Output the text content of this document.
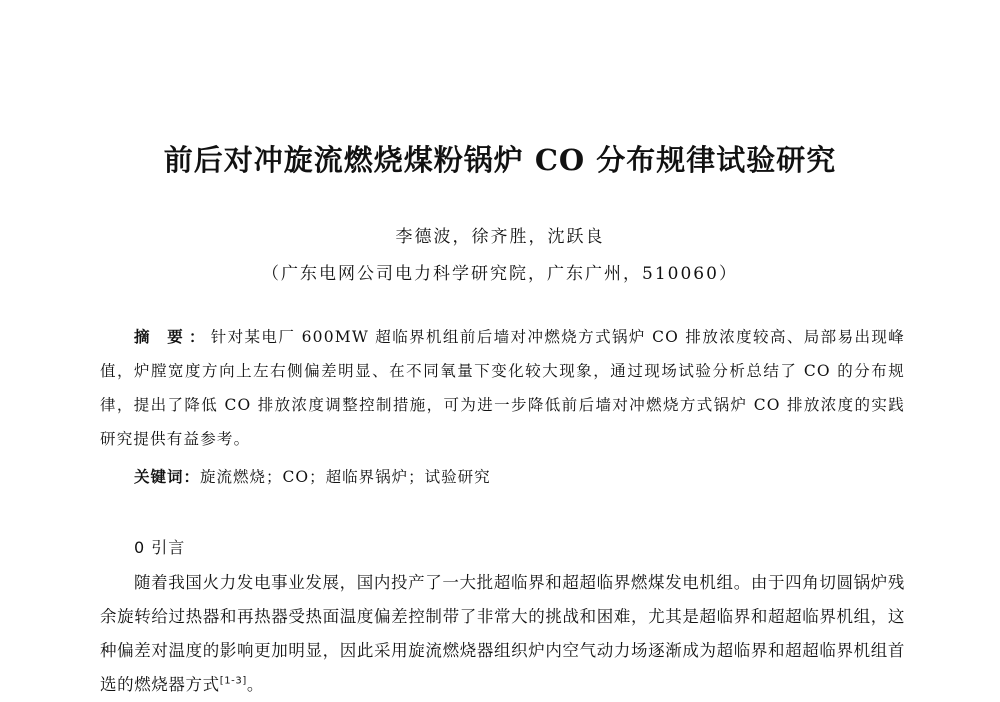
前后对冲旋流燃烧煤粉锅炉 CO 分布规律试验研究
李德波，徐齐胜，沈跃良
（广东电网公司电力科学研究院，广东广州，510060）
摘 要：针对某电厂 600MW 超临界机组前后墙对冲燃烧方式锅炉 CO 排放浓度较高、局部易出现峰值，炉膛宽度方向上左右侧偏差明显、在不同氧量下变化较大现象，通过现场试验分析总结了 CO 的分布规律，提出了降低 CO 排放浓度调整控制措施，可为进一步降低前后墙对冲燃烧方式锅炉 CO 排放浓度的实践研究提供有益参考。
关键词：旋流燃烧；CO；超临界锅炉；试验研究
0 引言
随着我国火力发电事业发展，国内投产了一大批超临界和超超临界燃煤发电机组。由于四角切圆锅炉残余旋转给过热器和再热器受热面温度偏差控制带了非常大的挑战和困难，尤其是超临界和超超临界机组，这种偏差对温度的影响更加明显，因此采用旋流燃烧器组织炉内空气动力场逐渐成为超临界和超超临界机组首选的燃烧器方式[1-3]。
